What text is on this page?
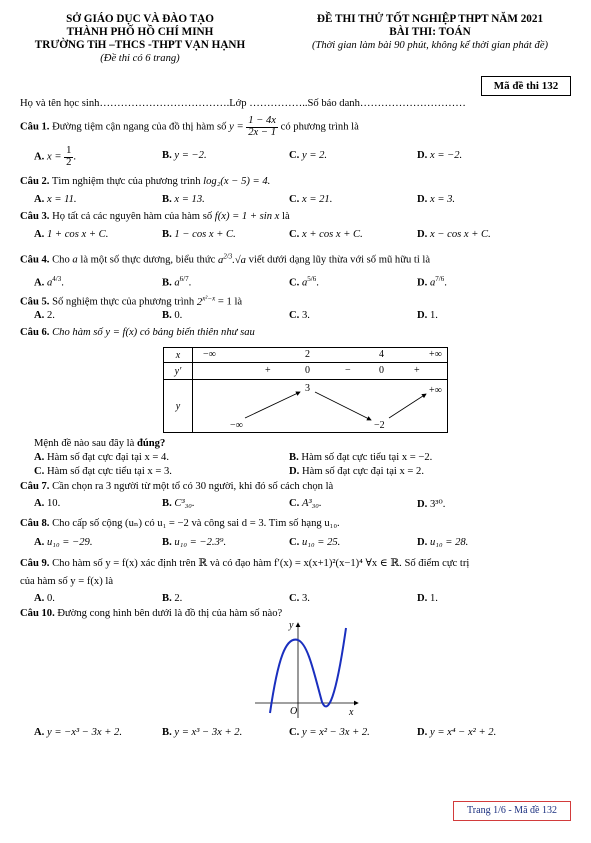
SỞ GIÁO DỤC VÀ ĐÀO TẠO
THÀNH PHỐ HỒ CHÍ MINH
TRƯỜNG TiH –THCS -THPT VẠN HẠNH
(Đề thi có 6 trang)
ĐỀ THI THỬ TỐT NGHIỆP THPT NĂM 2021
BÀI THI: TOÁN
(Thời gian làm bài 90 phút, không kể thời gian phát đề)
Mã đề thi 132
Họ và tên học sinh……………………………….Lớp ……………..Số báo danh…………………………
Câu 1. Đường tiệm cận ngang của đồ thị hàm số $y = \frac{1 - 4x}{2x - 1}$ có phương trình là
A. $x = \frac{1}{2}$ .	B. y = −2.	C. y = 2.	D. x = −2.
Câu 2. Tìm nghiệm thực của phương trình log₂(x − 5) = 4.
A. x = 11.	B. x = 13.	C. x = 21.	D. x = 3.
Câu 3. Họ tất cả các nguyên hàm của hàm số f(x) = 1 + sin x là
A. 1 + cos x + C.	B. 1 − cos x + C.	C. x + cos x + C.	D. x − cos x + C.
Câu 4. Cho a là một số thực dương, biểu thức $a^{2/3}.√a$ viết dưới dạng lũy thừa với số mũ hữu tỉ là
A. $a^{4/3}$.	B. $a^{6/7}$.	C. $a^{5/6}$.	D. $a^{7/6}$.
Câu 5. Số nghiệm thực của phương trình $2^{x^2-x} = 1$ là
A. 2.	B. 0.	C. 3.	D. 1.
Câu 6. Cho hàm số y = f(x) có bảng biến thiên như sau
x	−∞ 2 4 +∞

y′	+ 0 − 0 +

y	3 +∞
−∞ −2
Mệnh đề nào sau đây là đúng?
A. Hàm số đạt cực đại tại x = 4.	B. Hàm số đạt cực tiểu tại x = −2.
C. Hàm số đạt cực tiểu tại x = 3.	D. Hàm số đạt cực đại tại x = 2.
Câu 7. Cần chọn ra 3 người từ một tổ có 30 người, khi đó số cách chọn là
A. 10.	B. C³₃₀.	C. A³₃₀.	D. 3³⁰.
Câu 8. Cho cấp số cộng (uₙ) có u₁ = −2 và công sai d = 3. Tìm số hạng u₁₀.
A. u₁₀ = −29.	B. u₁₀ = −2.3⁹.	C. u₁₀ = 25.	D. u₁₀ = 28.
Câu 9. Cho hàm số y = f(x) xác định trên ℝ và có đạo hàm f′(x) = x(x+1)²(x−1)⁴ ∀x ∈ ℝ. Số điểm cực trị
của hàm số y = f(x) là
A. 0.	B. 2.	C. 3.	D. 1.
Câu 10. Đường cong hình bên dưới là đồ thị của hàm số nào?
y
x
O
A. y = −x³ − 3x + 2.	B. y = x³ − 3x + 2.	C. y = x² − 3x + 2.	D. y = x⁴ − x² + 2.
Trang 1/6 - Mã đề 132
